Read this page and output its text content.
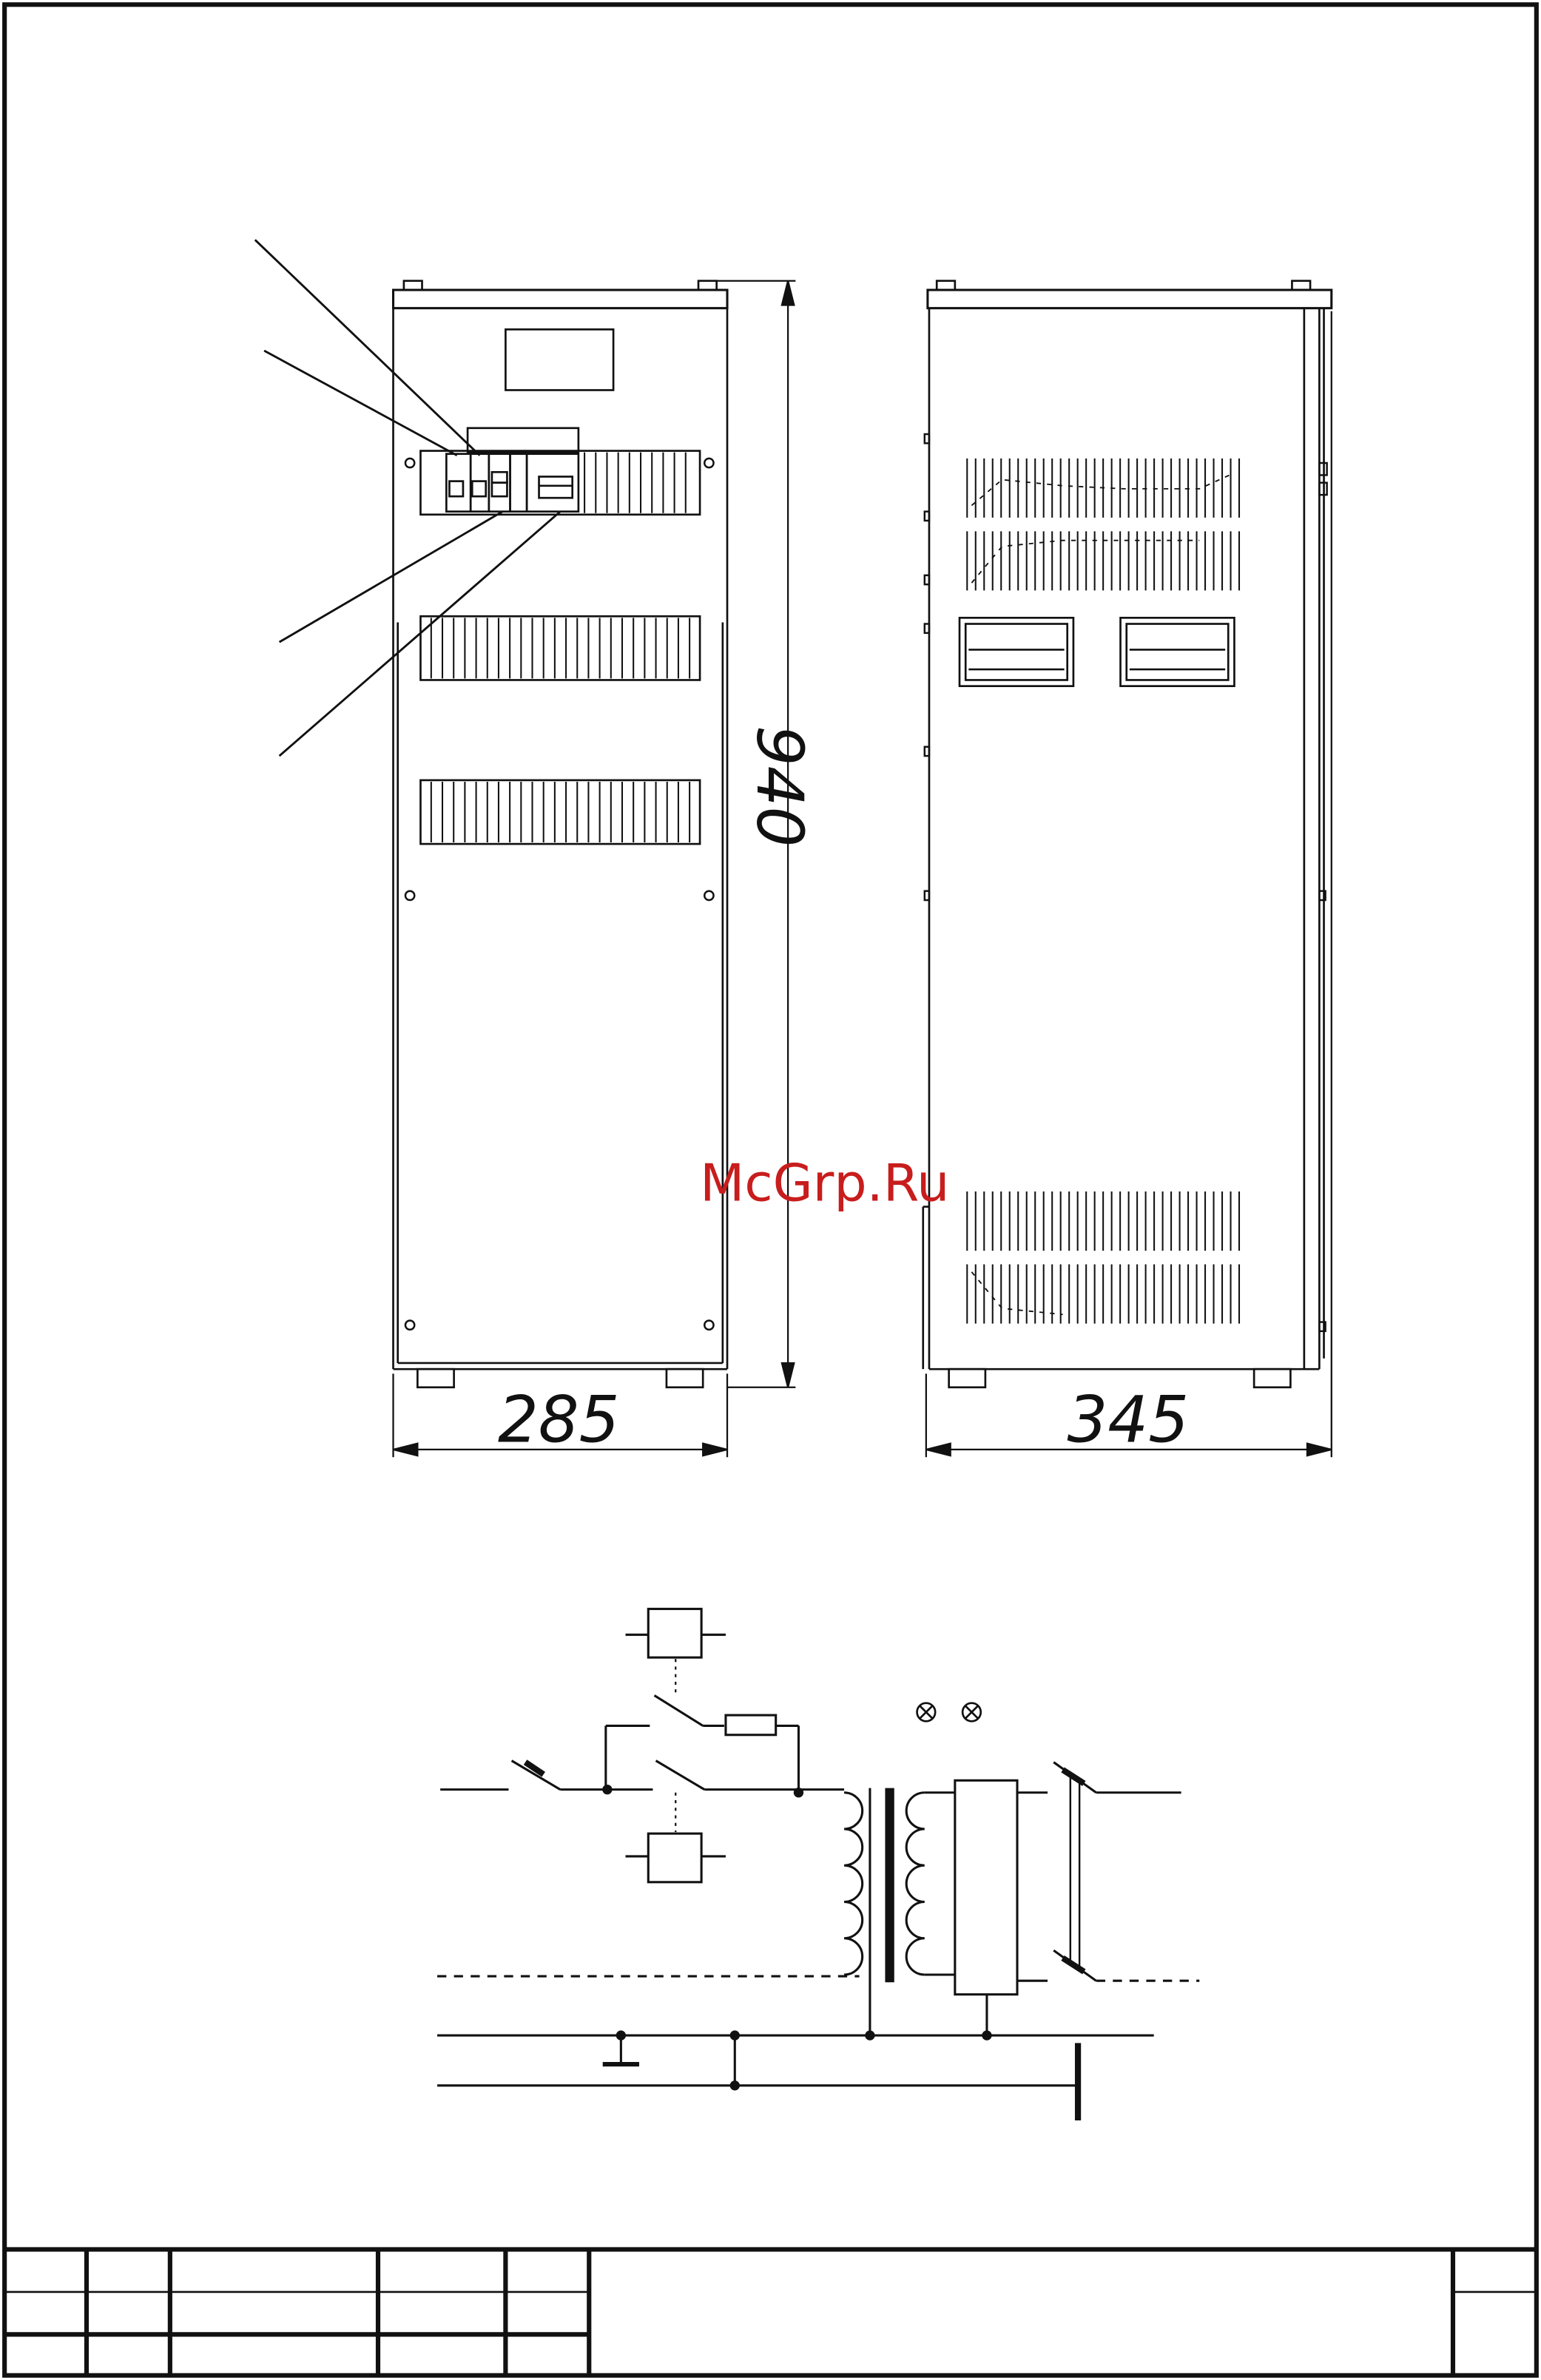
940
285	345
McGrp.Ru
